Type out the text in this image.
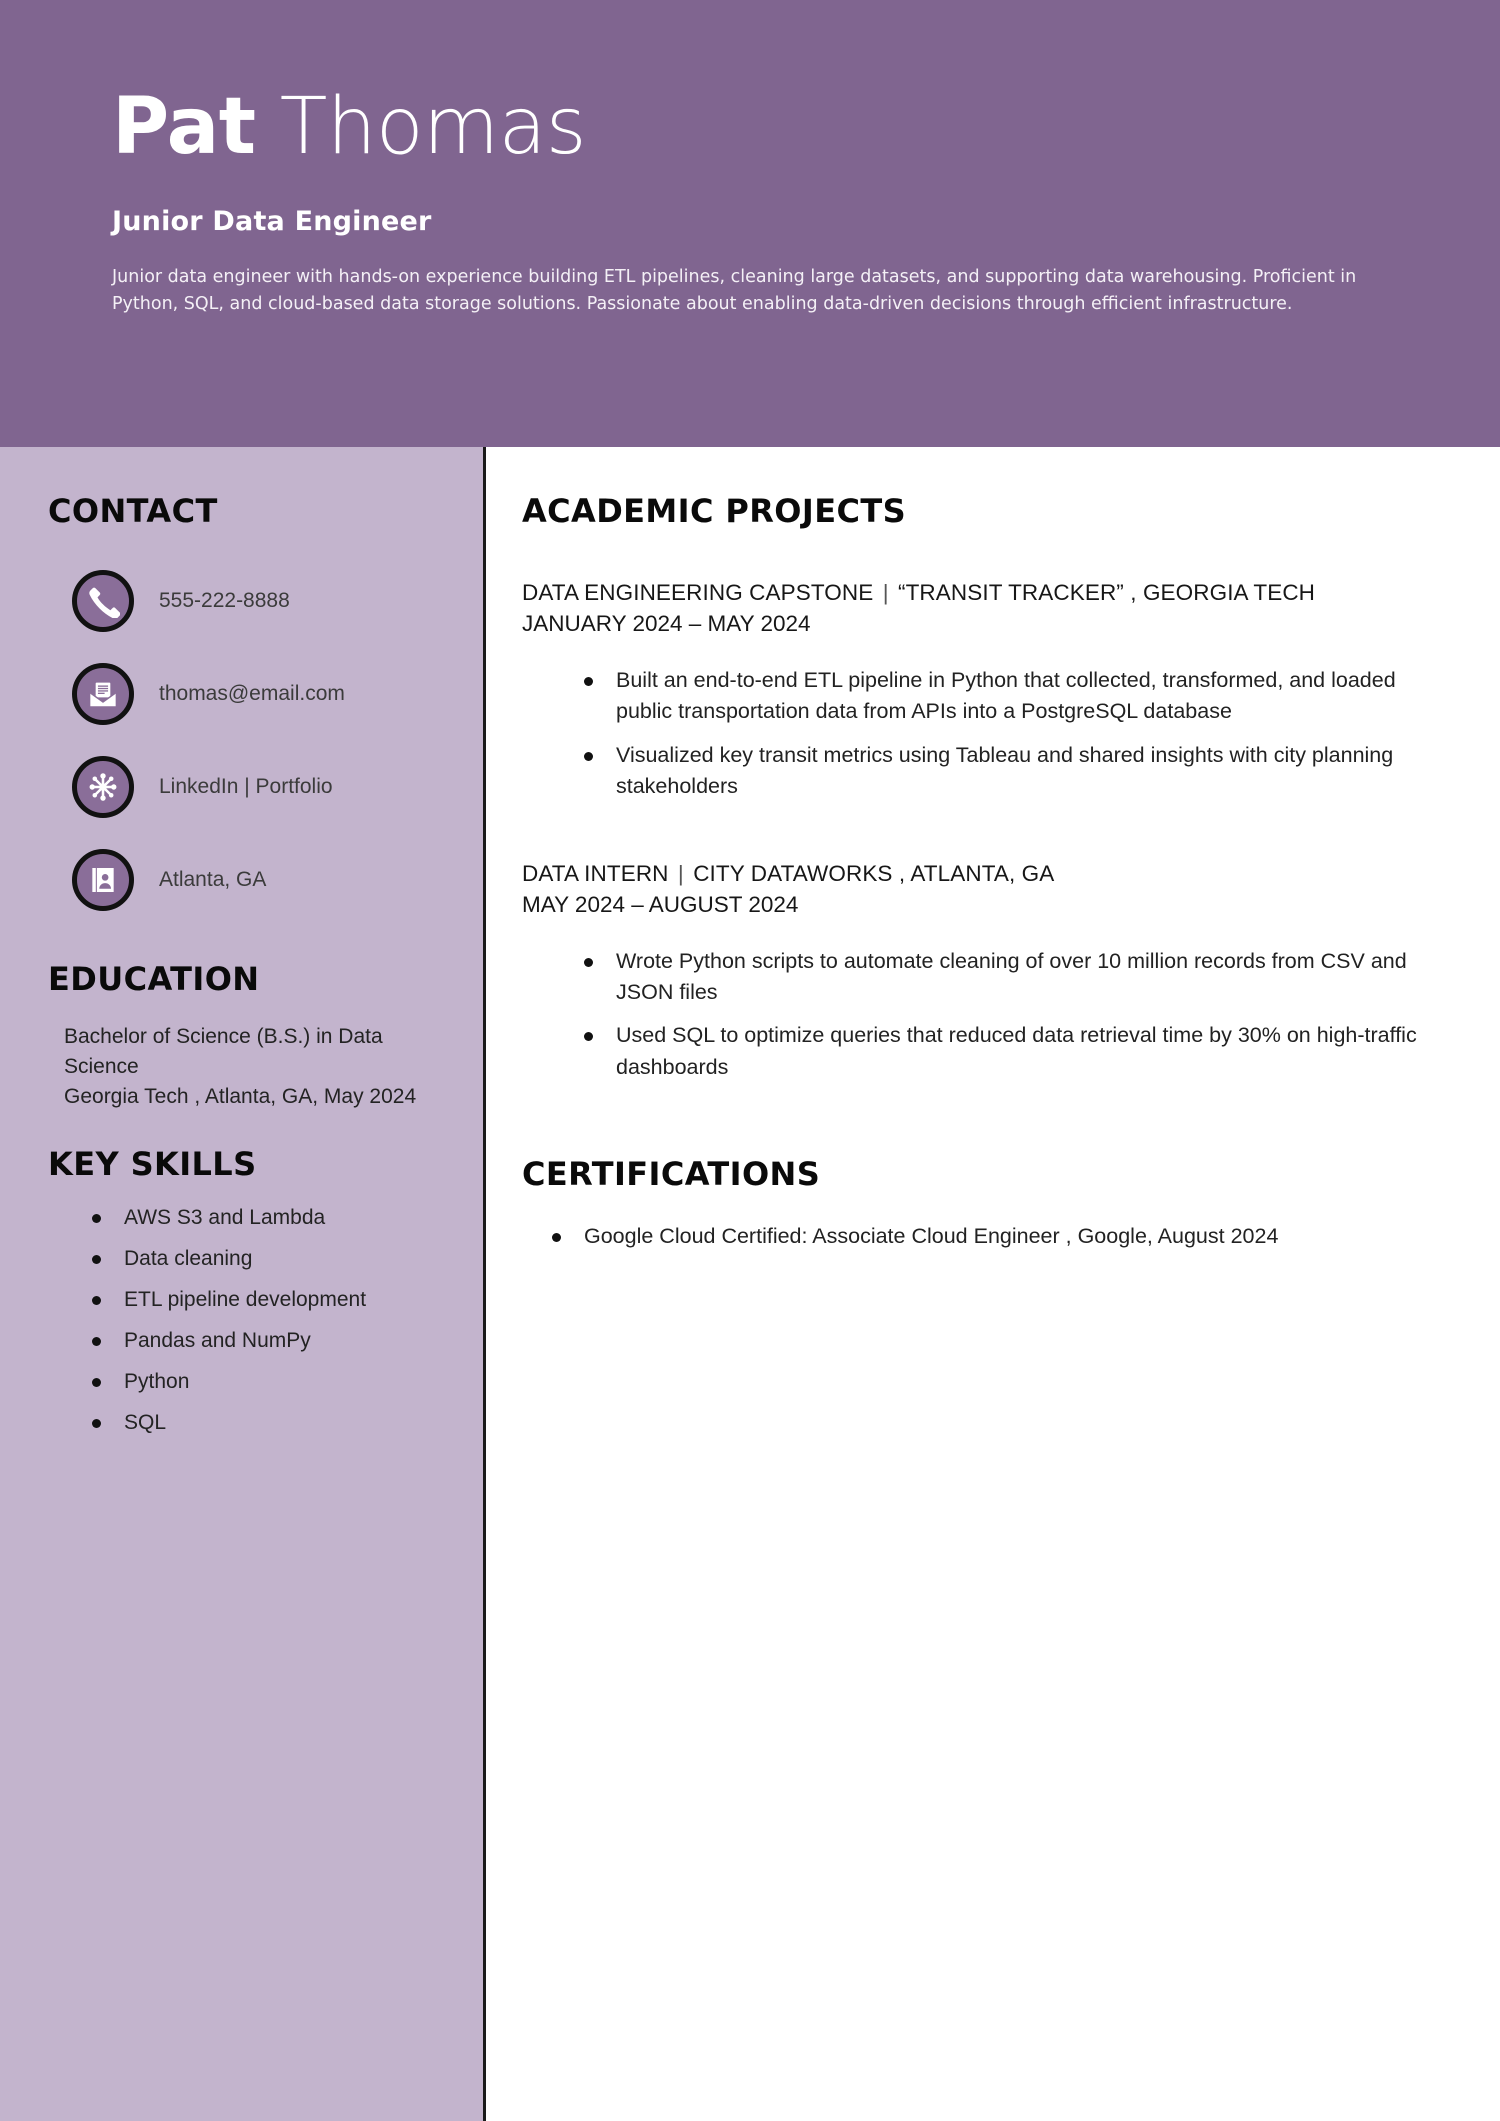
Pat Thomas
Junior Data Engineer
Junior data engineer with hands-on experience building ETL pipelines, cleaning large datasets, and supporting data warehousing. Proficient in Python, SQL, and cloud-based data storage solutions. Passionate about enabling data-driven decisions through efficient infrastructure.
CONTACT
555-222-8888
thomas@email.com
LinkedIn | Portfolio
Atlanta, GA
EDUCATION
Bachelor of Science (B.S.) in Data Science
Georgia Tech , Atlanta, GA, May 2024
KEY SKILLS
AWS S3 and Lambda
Data cleaning
ETL pipeline development
Pandas and NumPy
Python
SQL
ACADEMIC PROJECTS
DATA ENGINEERING CAPSTONE | “TRANSIT TRACKER” , GEORGIA TECH
JANUARY 2024 – MAY 2024
Built an end-to-end ETL pipeline in Python that collected, transformed, and loaded public transportation data from APIs into a PostgreSQL database
Visualized key transit metrics using Tableau and shared insights with city planning stakeholders
DATA INTERN | CITY DATAWORKS , ATLANTA, GA
MAY 2024 – AUGUST 2024
Wrote Python scripts to automate cleaning of over 10 million records from CSV and JSON files
Used SQL to optimize queries that reduced data retrieval time by 30% on high-traffic dashboards
CERTIFICATIONS
Google Cloud Certified: Associate Cloud Engineer , Google, August 2024
